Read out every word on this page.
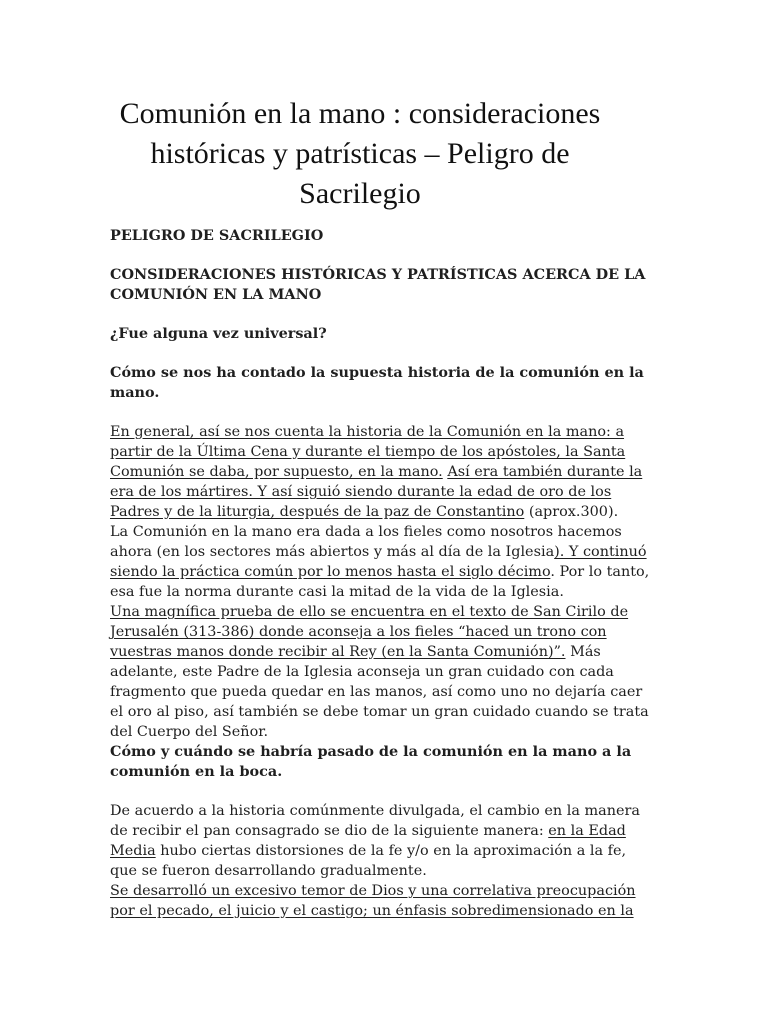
Comunión en la mano : consideraciones históricas y patrísticas – Peligro de Sacrilegio

PELIGRO DE SACRILEGIO

CONSIDERACIONES HISTÓRICAS Y PATRÍSTICAS ACERCA DE LA COMUNIÓN EN LA MANO

¿Fue alguna vez universal?

Cómo se nos ha contado la supuesta historia de la comunión en la mano.

En general, así se nos cuenta la historia de la Comunión en la mano: a partir de la Última Cena y durante el tiempo de los apóstoles, la Santa Comunión se daba, por supuesto, en la mano. Así era también durante la era de los mártires. Y así siguió siendo durante la edad de oro de los Padres y de la liturgia, después de la paz de Constantino (aprox.300).

La Comunión en la mano era dada a los fieles como nosotros hacemos ahora (en los sectores más abiertos y más al día de la Iglesia). Y continuó siendo la práctica común por lo menos hasta el siglo décimo. Por lo tanto, esa fue la norma durante casi la mitad de la vida de la Iglesia.

Una magnífica prueba de ello se encuentra en el texto de San Cirilo de Jerusalén (313-386) donde aconseja a los fieles “haced un trono con vuestras manos donde recibir al Rey (en la Santa Comunión)”. Más adelante, este Padre de la Iglesia aconseja un gran cuidado con cada fragmento que pueda quedar en las manos, así como uno no dejaría caer el oro al piso, así también se debe tomar un gran cuidado cuando se trata del Cuerpo del Señor.

Cómo y cuándo se habría pasado de la comunión en la mano a la comunión en la boca.

De acuerdo a la historia comúnmente divulgada, el cambio en la manera de recibir el pan consagrado se dio de la siguiente manera: en la Edad Media hubo ciertas distorsiones de la fe y/o en la aproximación a la fe, que se fueron desarrollando gradualmente.

Se desarrolló un excesivo temor de Dios y una correlativa preocupación por el pecado, el juicio y el castigo; un énfasis sobredimensionado en la
